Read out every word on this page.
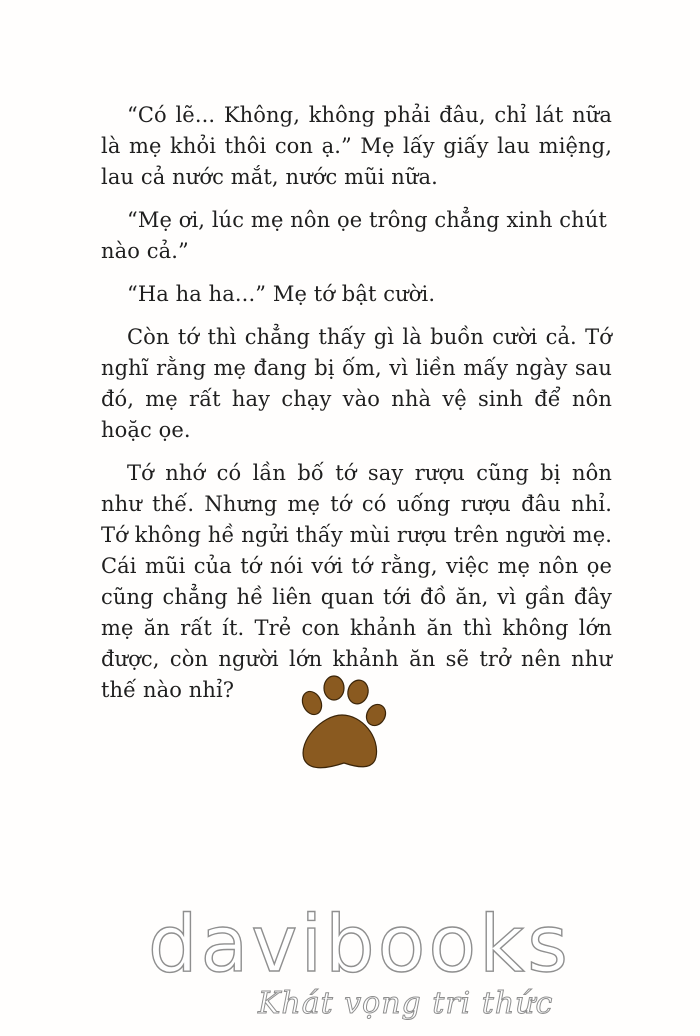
“Có lẽ... Không, không phải đâu, chỉ lát nữa là mẹ khỏi thôi con ạ.” Mẹ lấy giấy lau miệng, lau cả nước mắt, nước mũi nữa.

“Mẹ ơi, lúc mẹ nôn ọe trông chẳng xinh chút nào cả.”

“Ha ha ha...” Mẹ tớ bật cười.

Còn tớ thì chẳng thấy gì là buồn cười cả. Tớ nghĩ rằng mẹ đang bị ốm, vì liền mấy ngày sau đó, mẹ rất hay chạy vào nhà vệ sinh để nôn hoặc ọe.

Tớ nhớ có lần bố tớ say rượu cũng bị nôn như thế. Nhưng mẹ tớ có uống rượu đâu nhỉ. Tớ không hề ngửi thấy mùi rượu trên người mẹ. Cái mũi của tớ nói với tớ rằng, việc mẹ nôn ọe cũng chẳng hề liên quan tới đồ ăn, vì gần đây mẹ ăn rất ít. Trẻ con khảnh ăn thì không lớn được, còn người lớn khảnh ăn sẽ trở nên như thế nào nhỉ?

davibooks
Khát vọng tri thức
